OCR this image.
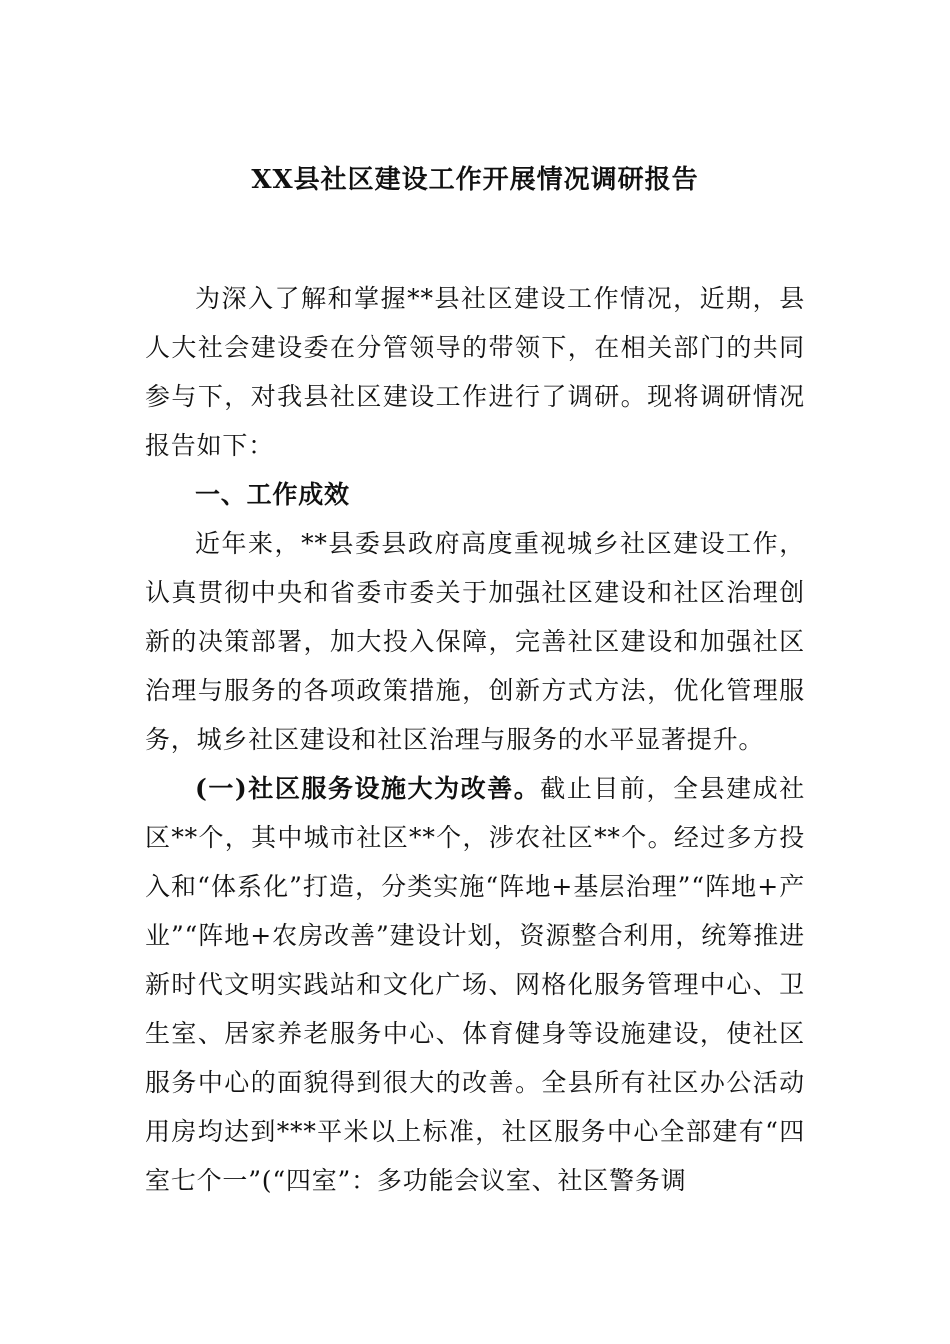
XX县社区建设工作开展情况调研报告

为深入了解和掌握**县社区建设工作情况，近期，县人大社会建设委在分管领导的带领下，在相关部门的共同参与下，对我县社区建设工作进行了调研。现将调研情况报告如下：

一、工作成效

近年来，**县委县政府高度重视城乡社区建设工作，认真贯彻中央和省委市委关于加强社区建设和社区治理创新的决策部署，加大投入保障，完善社区建设和加强社区治理与服务的各项政策措施，创新方式方法，优化管理服务，城乡社区建设和社区治理与服务的水平显著提升。

(一)社区服务设施大为改善。截止目前，全县建成社区**个，其中城市社区**个，涉农社区**个。经过多方投入和“体系化”打造，分类实施“阵地+基层治理”“阵地+产业”“阵地+农房改善”建设计划，资源整合利用，统筹推进新时代文明实践站和文化广场、网格化服务管理中心、卫生室、居家养老服务中心、体育健身等设施建设，使社区服务中心的面貌得到很大的改善。全县所有社区办公活动用房均达到***平米以上标准，社区服务中心全部建有“四室七个一”(“四室”：多功能会议室、社区警务调
